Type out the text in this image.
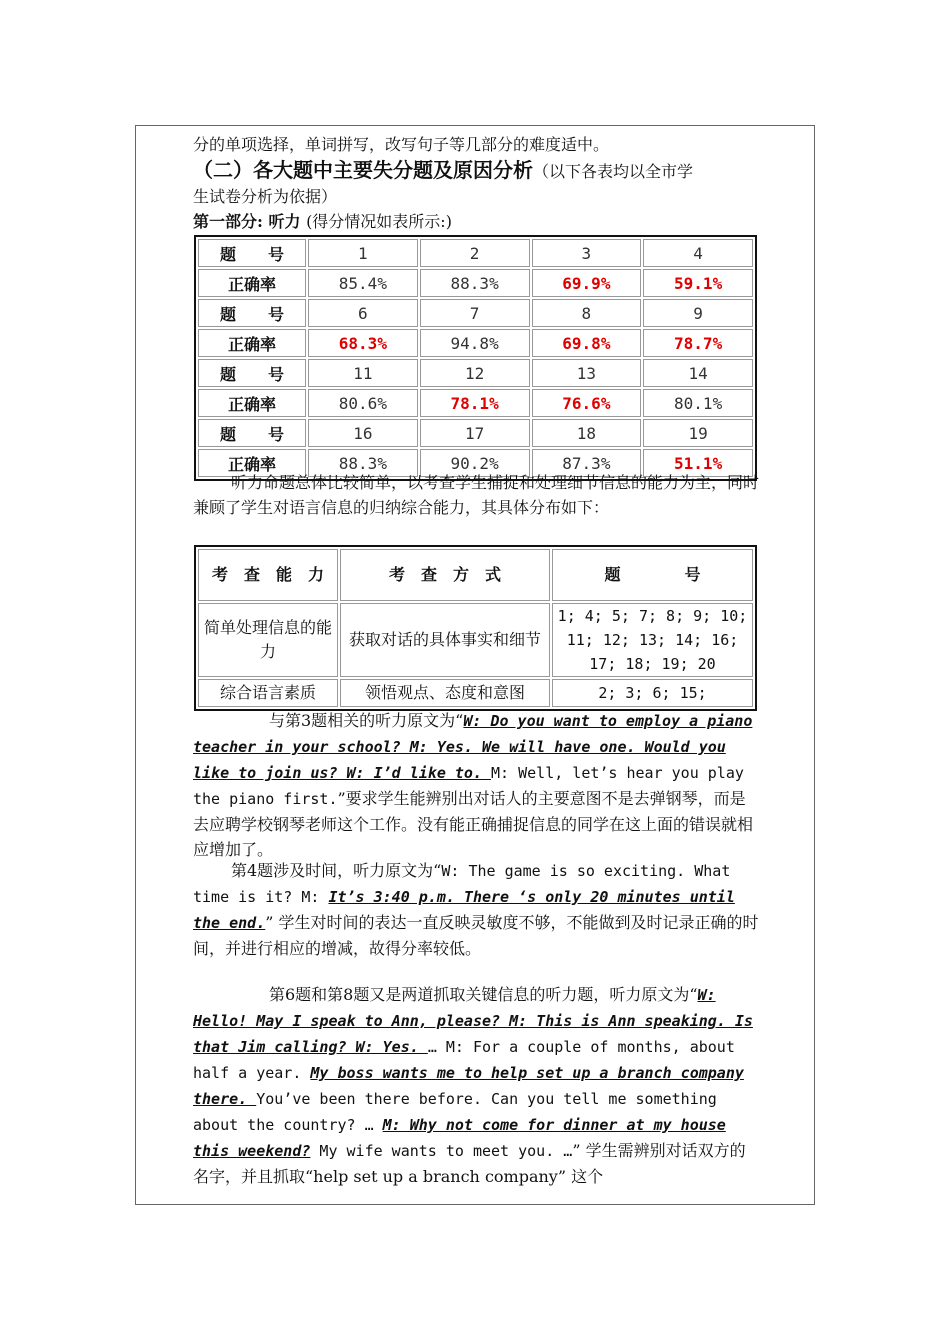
分的单项选择，单词拼写，改写句子等几部分的难度适中。

（二）各大题中主要失分题及原因分析（以下各表均以全市学
生试卷分析为依据）

第一部分: 听力 (得分情况如表所示:)

题　　号	1	2	3	4
正确率	85.4%	88.3%	69.9%	59.1%
题　　号	6	7	8	9
正确率	68.3%	94.8%	69.8%	78.7%
题　　号	11	12	13	14
正确率	80.6%	78.1%	76.6%	80.1%
题　　号	16	17	18	19
正确率	88.3%	90.2%	87.3%	51.1%

听力命题总体比较简单，以考查学生捕捉和处理细节信息的能力为主，同时兼顾了学生对语言信息的归纳综合能力，其具体分布如下：

考　查　能　力	考　查　方　式	题　　　　号
简单处理信息的能力	获取对话的具体事实和细节	1; 4; 5; 7; 8; 9; 10; 11; 12; 13; 14; 16; 17; 18; 19; 20
综合语言素质	领悟观点、态度和意图	2; 3; 6; 15;

与第3题相关的听力原文为“W: Do you want to employ a piano teacher in your school? M: Yes. We will have one. Would you like to join us? W: I’d like to. M: Well, let’s hear you play the piano first.”要求学生能辨别出对话人的主要意图不是去弹钢琴，而是去应聘学校钢琴老师这个工作。没有能正确捕捉信息的同学在这上面的错误就相应增加了。

第4题涉及时间，听力原文为“W: The game is so exciting. What time is it? M: It’s 3:40 p.m. There ‘s only 20 minutes until the end.” 学生对时间的表达一直反映灵敏度不够，不能做到及时记录正确的时间，并进行相应的增减，故得分率较低。

第6题和第8题又是两道抓取关键信息的听力题，听力原文为“W: Hello! May I speak to Ann, please? M: This is Ann speaking. Is that Jim calling? W: Yes. … M: For a couple of months, about half a year. My boss wants me to help set up a branch company there. You’ve been there before. Can you tell me something about the country? … M: Why not come for dinner at my house this weekend? My wife wants to meet you. …” 学生需辨别对话双方的名字，并且抓取“help set up a branch company” 这个
